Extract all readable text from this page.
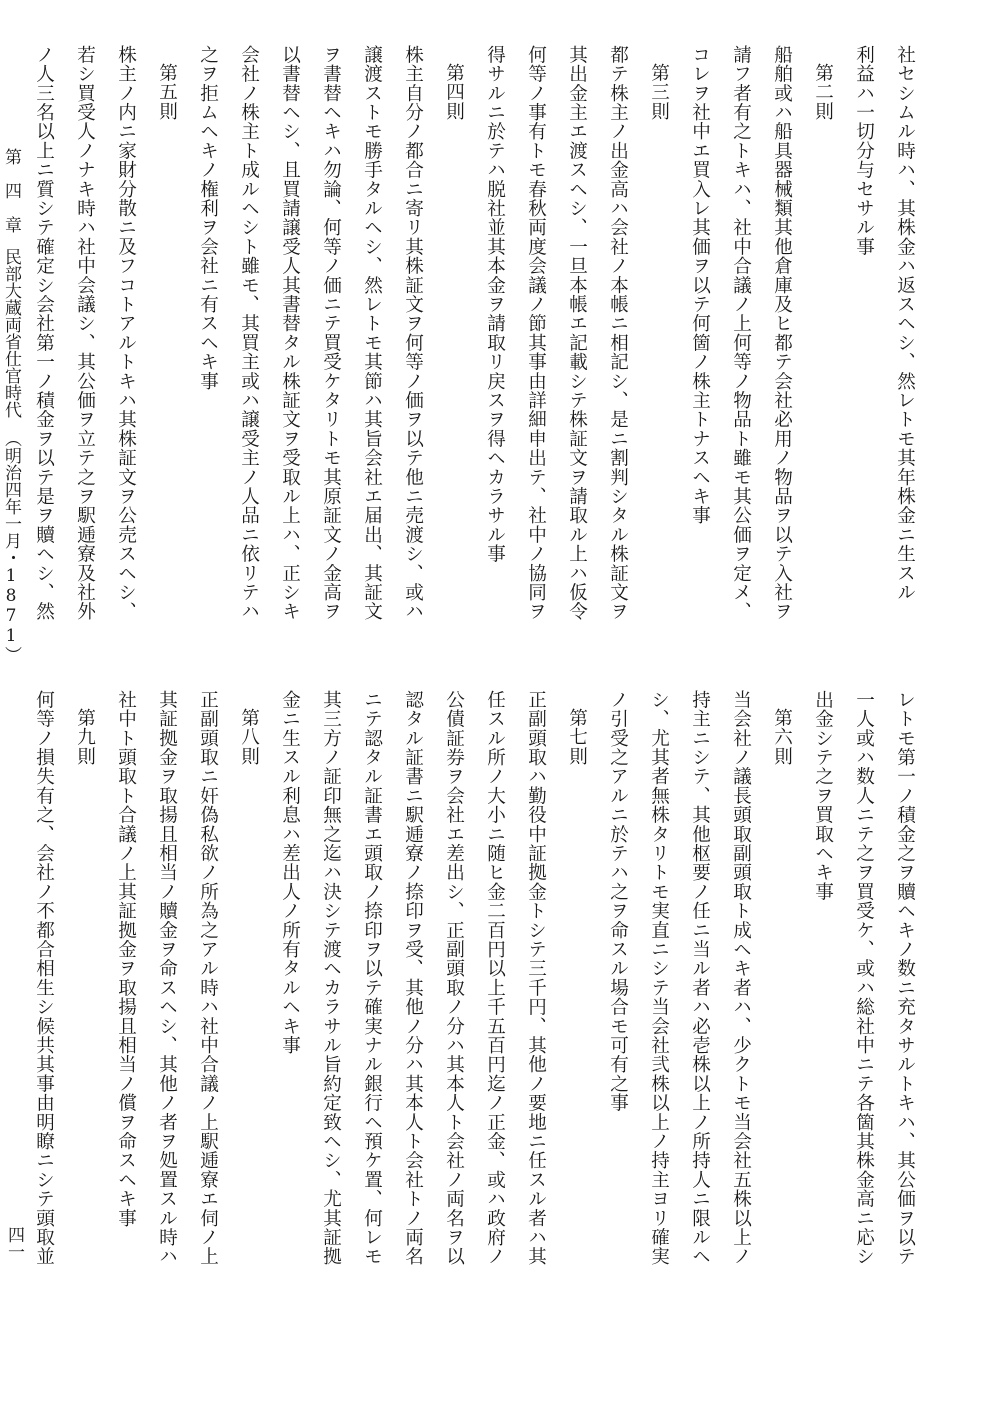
社セシムル時ハ、其株金ハ返スヘシ、然レトモ其年株金ニ生スル
利益ハ一切分与セサル事
第二則
船舶或ハ船具器械類其他倉庫及ヒ都テ会社必用ノ物品ヲ以テ入社ヲ
請フ者有之トキハ、社中合議ノ上何等ノ物品ト雖モ其公価ヲ定メ、
コレヲ社中エ買入レ其価ヲ以テ何箇ノ株主トナスヘキ事
第三則
都テ株主ノ出金高ハ会社ノ本帳ニ相記シ、是ニ割判シタル株証文ヲ
其出金主エ渡スヘシ、一旦本帳エ記載シテ株証文ヲ請取ル上ハ仮令
何等ノ事有トモ春秋両度会議ノ節其事由詳細申出テ、社中ノ協同ヲ
得サルニ於テハ脱社並其本金ヲ請取リ戻スヲ得ヘカラサル事
第四則
株主自分ノ都合ニ寄リ其株証文ヲ何等ノ価ヲ以テ他ニ売渡シ、或ハ
譲渡ストモ勝手タルヘシ、然レトモ其節ハ其旨会社エ届出、其証文
ヲ書替ヘキハ勿論、何等ノ価ニテ買受ケタリトモ其原証文ノ金高ヲ
以書替ヘシ、且買請譲受人其書替タル株証文ヲ受取ル上ハ、正シキ
会社ノ株主ト成ルヘシト雖モ、其買主或ハ譲受主ノ人品ニ依リテハ
之ヲ拒ムヘキノ権利ヲ会社ニ有スヘキ事
第五則
株主ノ内ニ家財分散ニ及フコトアルトキハ其株証文ヲ公売スヘシ、
若シ買受人ノナキ時ハ社中会議シ、其公価ヲ立テ之ヲ駅逓寮及社外
ノ人三名以上ニ質シテ確定シ会社第一ノ積金ヲ以テ是ヲ贖ヘシ、然
レトモ第一ノ積金之ヲ贖ヘキノ数ニ充タサルトキハ、其公価ヲ以テ
一人或ハ数人ニテ之ヲ買受ケ、或ハ総社中ニテ各箇其株金高ニ応シ
出金シテ之ヲ買取ヘキ事
第六則
当会社ノ議長頭取副頭取ト成ヘキ者ハ、少クトモ当会社五株以上ノ
持主ニシテ、其他枢要ノ任ニ当ル者ハ必壱株以上ノ所持人ニ限ルヘ
シ、尤其者無株タリトモ実直ニシテ当会社弐株以上ノ持主ヨリ確実
ノ引受之アルニ於テハ之ヲ命スル場合モ可有之事
第七則
正副頭取ハ勤役中証拠金トシテ三千円、其他ノ要地ニ任スル者ハ其
任スル所ノ大小ニ随ヒ金二百円以上千五百円迄ノ正金、或ハ政府ノ
公債証券ヲ会社エ差出シ、正副頭取ノ分ハ其本人ト会社ノ両名ヲ以
認タル証書ニ駅逓寮ノ捺印ヲ受、其他ノ分ハ其本人ト会社トノ両名
ニテ認タル証書エ頭取ノ捺印ヲ以テ確実ナル銀行ヘ預ケ置、何レモ
其三方ノ証印無之迄ハ決シテ渡ヘカラサル旨約定致ヘシ、尤其証拠
金ニ生スル利息ハ差出人ノ所有タルヘキ事
第八則
正副頭取ニ奸偽私欲ノ所為之アル時ハ社中合議ノ上駅逓寮エ伺ノ上
其証拠金ヲ取揚且相当ノ贖金ヲ命スヘシ、其他ノ者ヲ処置スル時ハ
社中ト頭取ト合議ノ上其証拠金ヲ取揚且相当ノ償ヲ命スヘキ事
第九則
何等ノ損失有之、会社ノ不都合相生シ候共其事由明瞭ニシテ頭取並
第　四　章
民部大蔵両省仕官時代
（明治四年一月・1871）
四一
